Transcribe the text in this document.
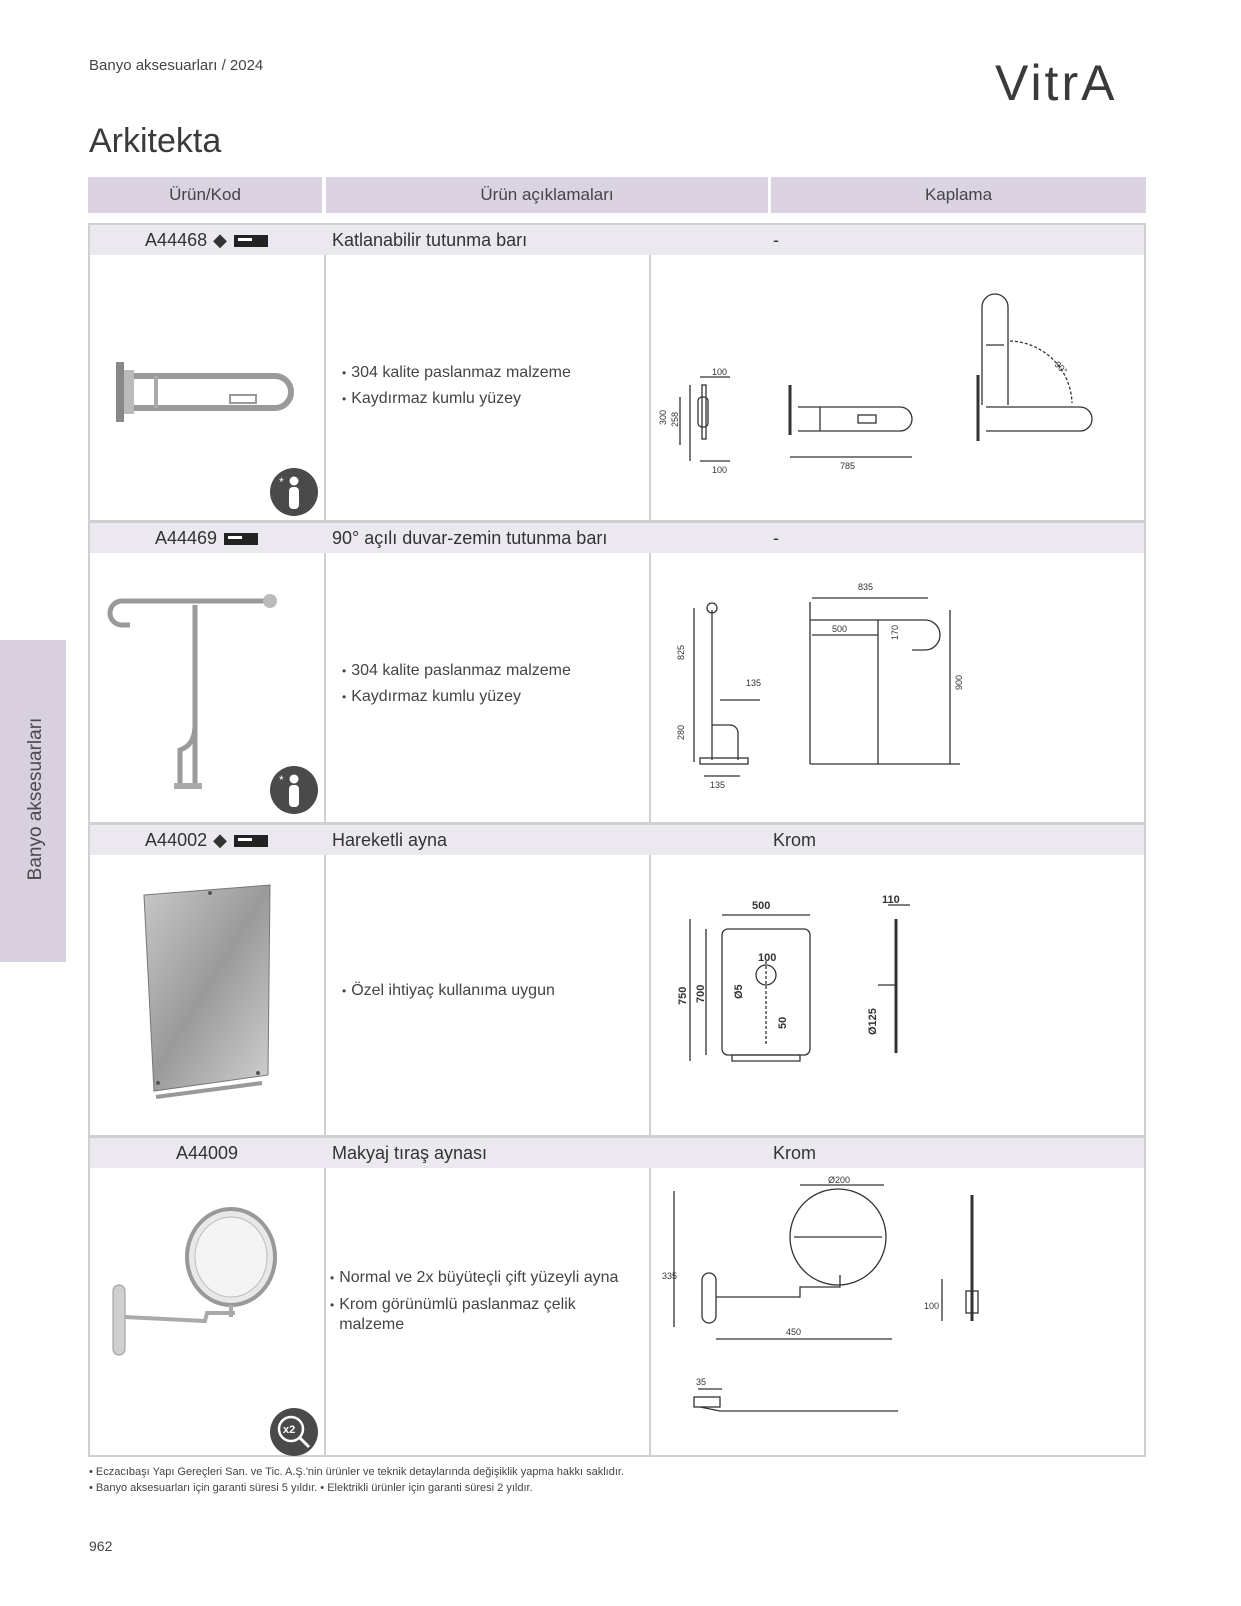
Banyo aksesuarları / 2024	VitrA
Arkitekta
Banyo aksesuarları
Ürün/Kod	Ürün açıklamaları	Kaplama
A44468 ◆	Katlanabilir tutunma barı	-
*
• 304 kalite paslanmaz malzeme
• Kaydırmaz kumlu yüzey
300 258
100
100	785
90°
A44469	90° açılı duvar-zemin tutunma barı	-
*
• 304 kalite paslanmaz malzeme
• Kaydırmaz kumlu yüzey
825
280
135
135
835
500	170
900
A44002 ◆	Hareketli ayna	Krom
• Özel ihtiyaç kullanıma uygun
500
750 700
100
Ø5
50
110
Ø125
A44009	Makyaj tıraş aynası	Krom
x2
• Normal ve 2x büyüteçli çift yüzeyli ayna
• Krom görünümlü paslanmaz çelik malzeme
Ø200
335
450
100
35
• Eczacıbaşı Yapı Gereçleri San. ve Tic. A.Ş.'nin ürünler ve teknik detaylarında değişiklik yapma hakkı saklıdır.
• Banyo aksesuarları için garanti süresi 5 yıldır. • Elektrikli ürünler için garanti süresi 2 yıldır.
962
